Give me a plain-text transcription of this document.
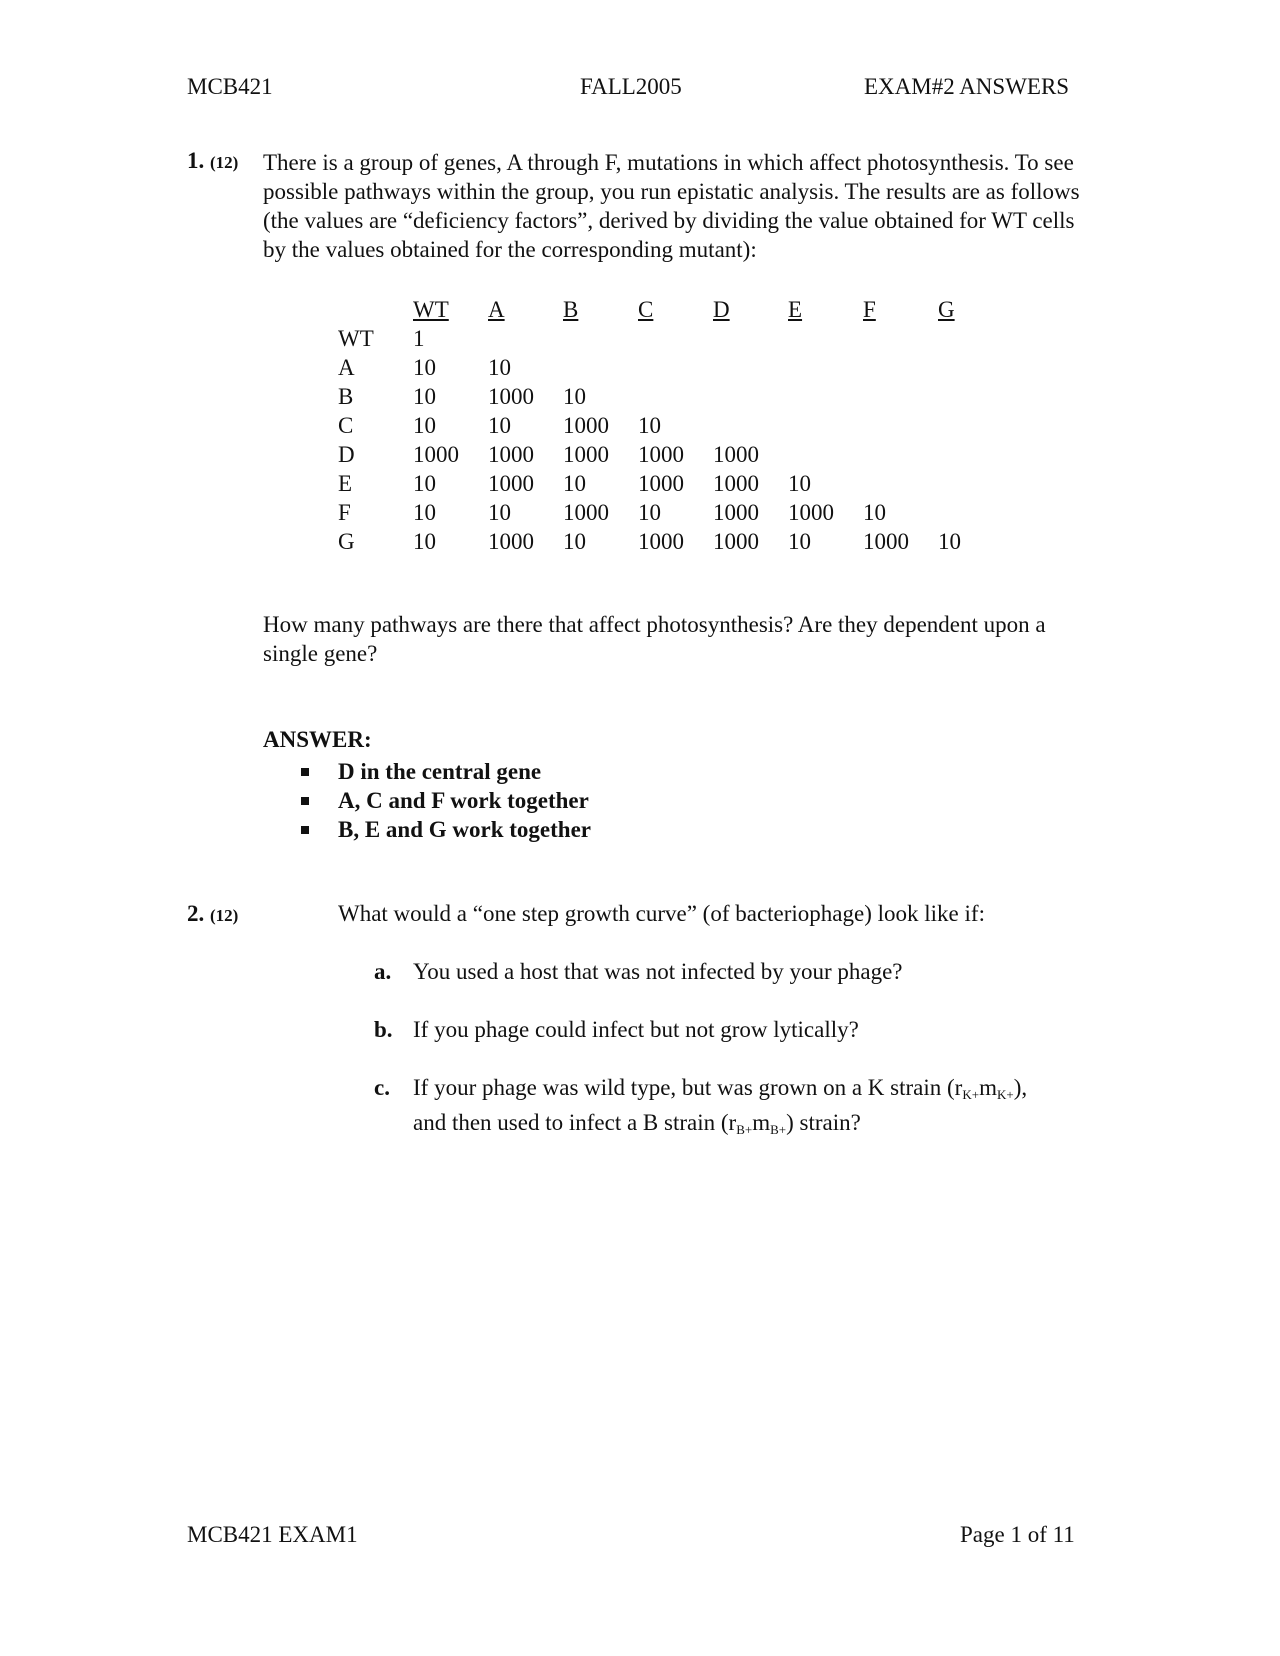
MCB421	FALL2005	EXAM#2 ANSWERS
1. (12) There is a group of genes, A through F, mutations in which affect photosynthesis. To see possible pathways within the group, you run epistatic analysis. The results are as follows (the values are “deficiency factors”, derived by dividing the value obtained for WT cells by the values obtained for the corresponding mutant):
	WT	A	B	C	D	E	F	G
WT	1							
A	10	10						
B	10	1000	10					
C	10	10	1000	10				
D	1000	1000	1000	1000	1000			
E	10	1000	10	1000	1000	10		
F	10	10	1000	10	1000	1000	10	
G	10	1000	10	1000	1000	10	1000	10
How many pathways are there that affect photosynthesis? Are they dependent upon a single gene?
ANSWER:
D in the central gene
A, C and F work together
B, E and G work together
2. (12)	What would a “one step growth curve” (of bacteriophage) look like if:
a. You used a host that was not infected by your phage?
b. If you phage could infect but not grow lytically?
c. If your phage was wild type, but was grown on a K strain $(r_{K+}m_{K+})$,
and then used to infect a B strain $(r_{B+}m_{B+})$ strain?
MCB421 EXAM1	Page 1 of 11
